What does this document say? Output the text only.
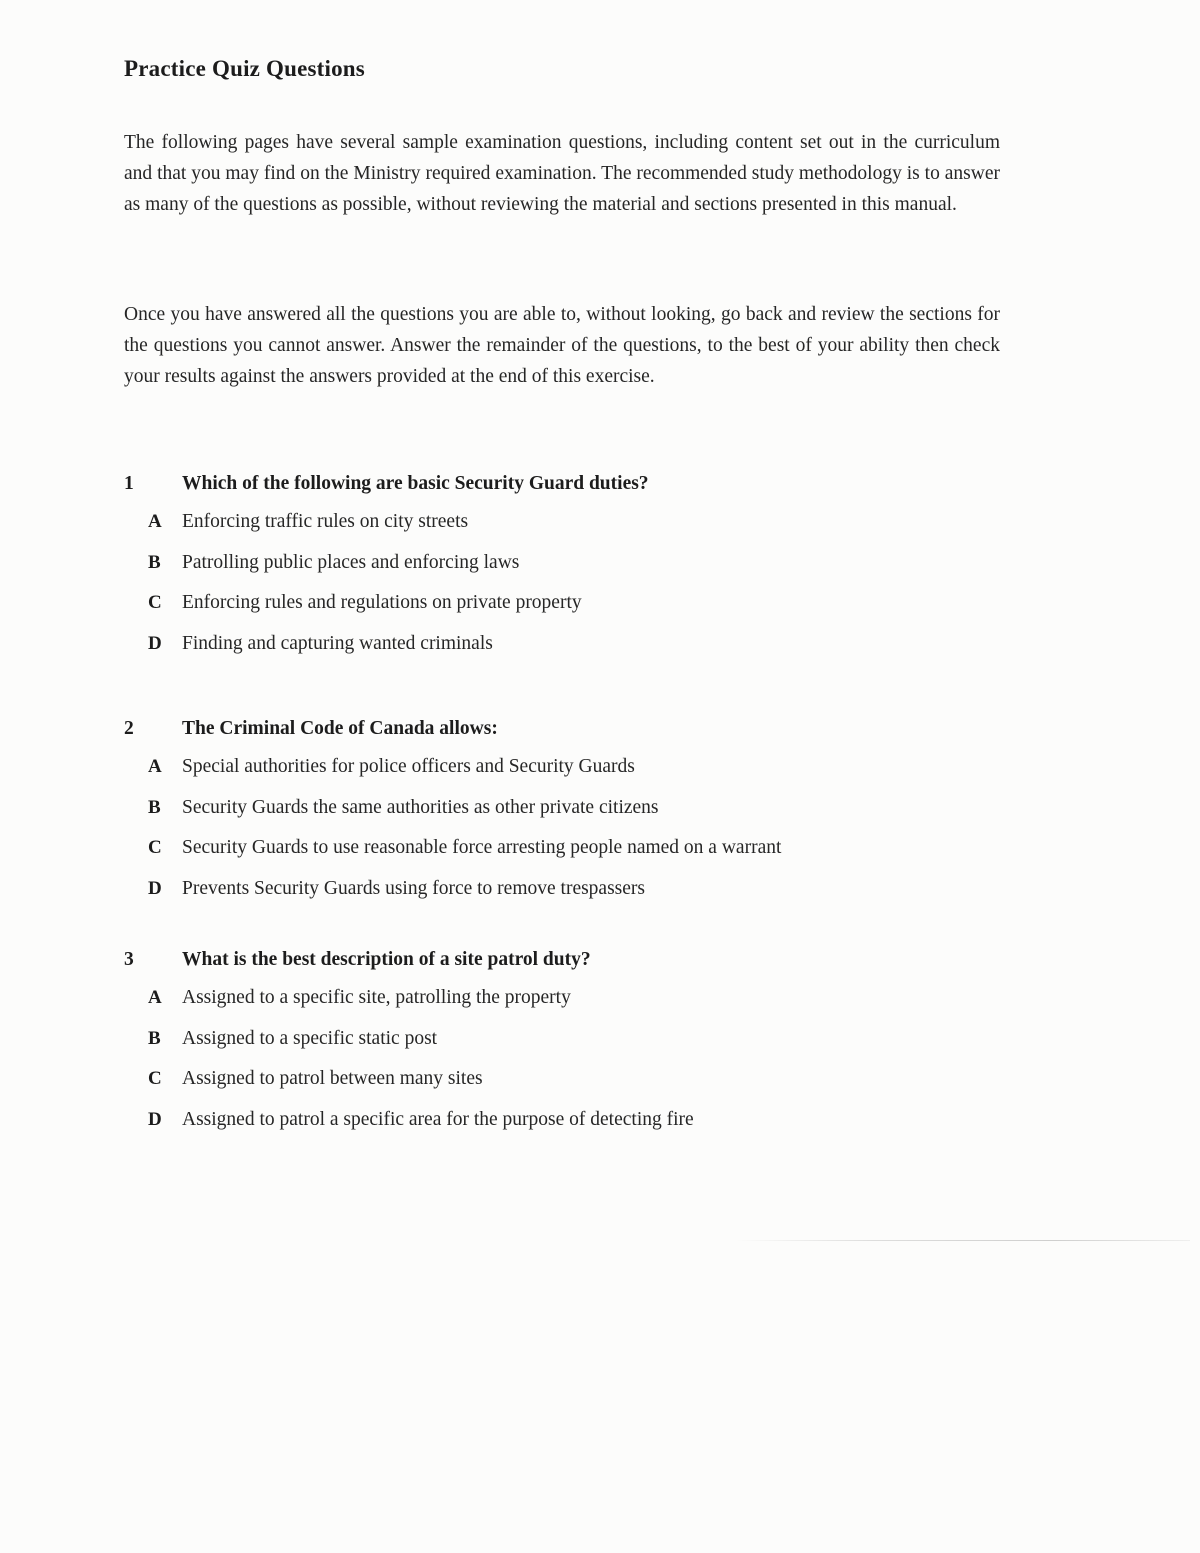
Practice Quiz Questions
The following pages have several sample examination questions, including content set out in the curriculum and that you may find on the Ministry required examination. The recommended study methodology is to answer as many of the questions as possible, without reviewing the material and sections presented in this manual.
Once you have answered all the questions you are able to, without looking, go back and review the sections for the questions you cannot answer. Answer the remainder of the questions, to the best of your ability then check your results against the answers provided at the end of this exercise.
1 Which of the following are basic Security Guard duties?
A	Enforcing traffic rules on city streets
B	Patrolling public places and enforcing laws
C	Enforcing rules and regulations on private property
D	Finding and capturing wanted criminals
2 The Criminal Code of Canada allows:
A	Special authorities for police officers and Security Guards
B	Security Guards the same authorities as other private citizens
C	Security Guards to use reasonable force arresting people named on a warrant
D	Prevents Security Guards using force to remove trespassers
3 What is the best description of a site patrol duty?
A	Assigned to a specific site, patrolling the property
B	Assigned to a specific static post
C	Assigned to patrol between many sites
D	Assigned to patrol a specific area for the purpose of detecting fire
